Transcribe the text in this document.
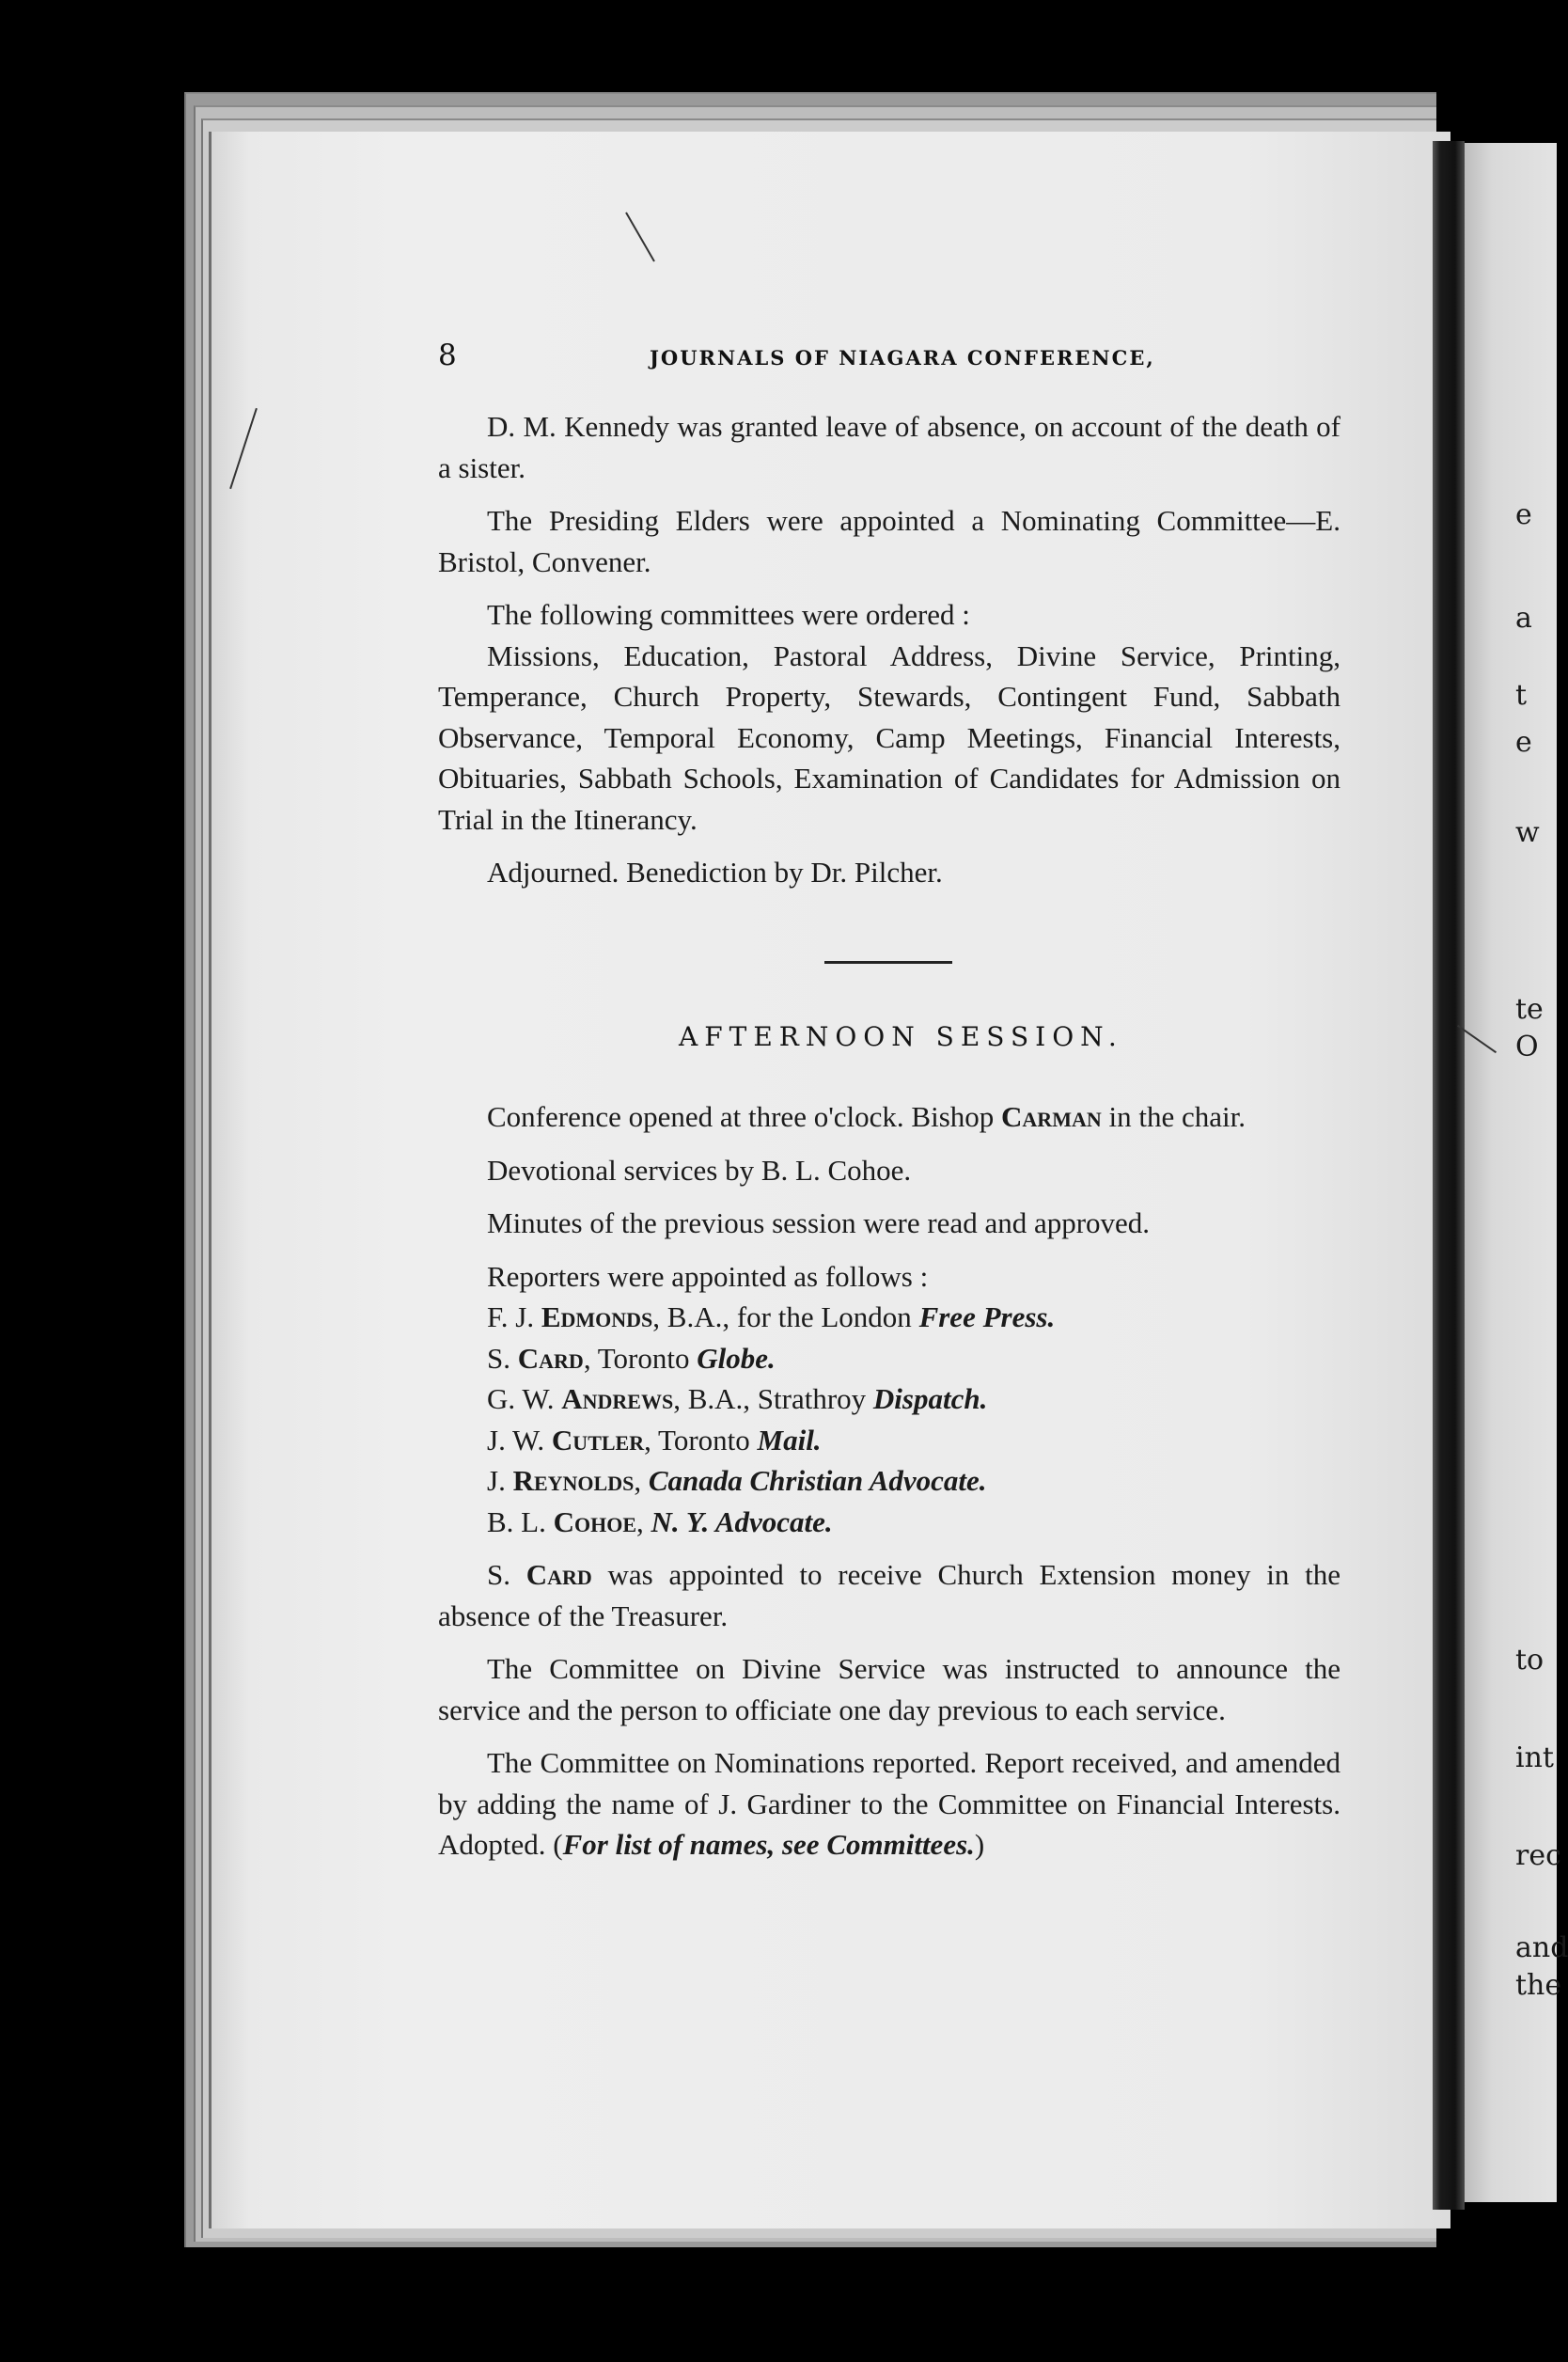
e
a
t
e
w
te
O
to
int
rec
and
the
8	JOURNALS OF NIAGARA CONFERENCE,

D. M. Kennedy was granted leave of absence, on account of the death of a sister.

The Presiding Elders were appointed a Nominating Committee—E. Bristol, Convener.

The following committees were ordered :

Missions, Education, Pastoral Address, Divine Service, Printing, Temperance, Church Property, Stewards, Contingent Fund, Sabbath Observance, Temporal Economy, Camp Meetings, Financial Interests, Obituaries, Sabbath Schools, Examination of Candidates for Admission on Trial in the Itinerancy.

Adjourned. Benediction by Dr. Pilcher.

AFTERNOON SESSION.

Conference opened at three o'clock. Bishop Carman in the chair.

Devotional services by B. L. Cohoe.

Minutes of the previous session were read and approved.

Reporters were appointed as follows :

F. J. Edmonds, B.A., for the London Free Press.

S. Card, Toronto Globe.

G. W. Andrews, B.A., Strathroy Dispatch.

J. W. Cutler, Toronto Mail.

J. Reynolds, Canada Christian Advocate.

B. L. Cohoe, N. Y. Advocate.

S. Card was appointed to receive Church Extension money in the absence of the Treasurer.

The Committee on Divine Service was instructed to announce the service and the person to officiate one day previous to each service.

The Committee on Nominations reported. Report received, and amended by adding the name of J. Gardiner to the Committee on Financial Interests. Adopted. (For list of names, see Committees.)
